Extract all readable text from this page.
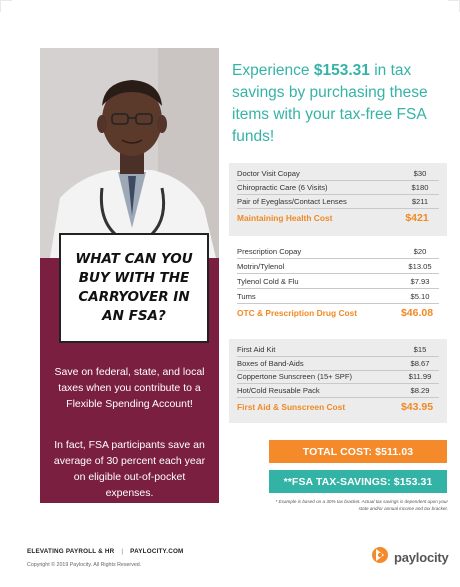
WHAT CAN YOU BUY WITH THE CARRYOVER IN AN FSA?
Save on federal, state, and local taxes when you contribute to a Flexible Spending Account!
In fact, FSA participants save an average of 30 percent each year on eligible out-of-pocket expenses.
Experience $153.31 in tax savings by purchasing these items with your tax-free FSA funds!
Doctor Visit Copay	$30
Chiropractic Care (6 Visits)	$180
Pair of Eyeglass/Contact Lenses	$211
Maintaining Health Cost	$421
Prescription Copay	$20
Motrin/Tylenol	$13.05
Tylenol Cold & Flu	$7.93
Tums	$5.10
OTC & Prescription Drug Cost	$46.08
First Aid Kit	$15
Boxes of Band-Aids	$8.67
Coppertone Sunscreen (15+ SPF)	$11.99
Hot/Cold Reusable Pack	$8.29
First Aid & Sunscreen Cost	$43.95
TOTAL COST: $511.03
**FSA TAX-SAVINGS: $153.31
* Example is based on a 30% tax bracket. Actual tax savings is dependent upon your state and/or annual income and tax bracket.
ELEVATING PAYROLL & HR | PAYLOCITY.COM
Copyright © 2019 Paylocity. All Rights Reserved.	paylocity
